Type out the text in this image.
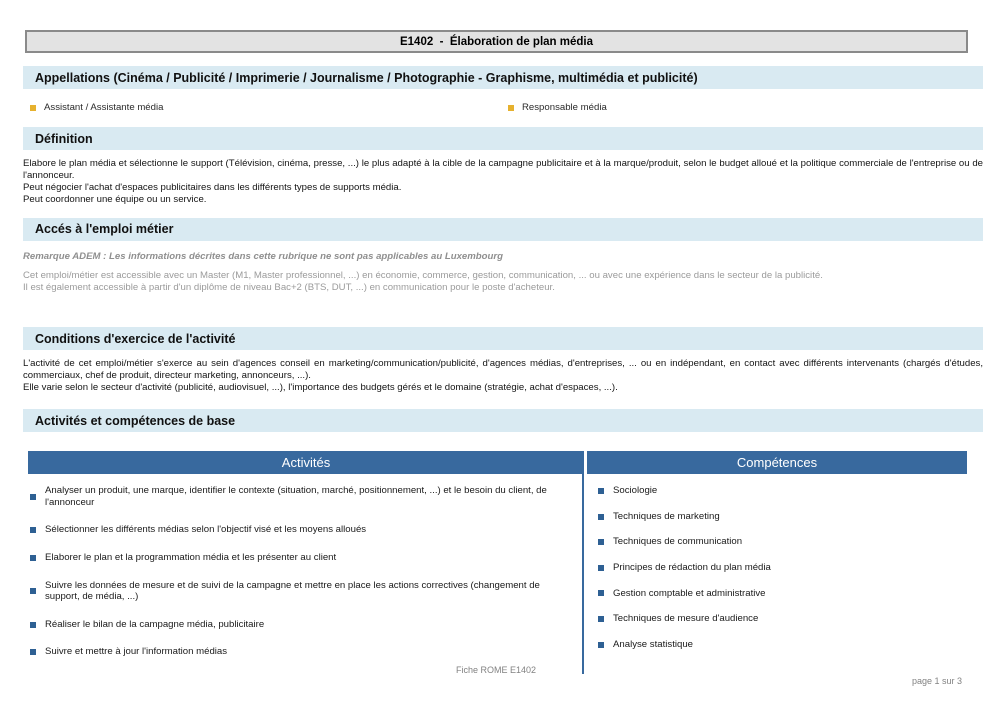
E1402  -  Élaboration de plan média
Appellations (Cinéma / Publicité / Imprimerie / Journalisme / Photographie - Graphisme, multimédia et publicité)
Assistant / Assistante média	Responsable média
Définition

Elabore le plan média et sélectionne le support (Télévision, cinéma, presse, ...) le plus adapté à la cible de la campagne publicitaire et à la marque/produit, selon le budget alloué et la politique commerciale de l'entreprise ou de l'annonceur.

Peut négocier l'achat d'espaces publicitaires dans les différents types de supports média.

Peut coordonner une équipe ou un service.

Accés à l'emploi métier
Remarque ADEM : Les informations décrites dans cette rubrique ne sont pas applicables au Luxembourg

Cet emploi/métier est accessible avec un Master (M1, Master professionnel, ...) en économie, commerce, gestion, communication, ... ou avec une expérience dans le secteur de la publicité.

Il est également accessible à partir d'un diplôme de niveau Bac+2 (BTS, DUT, ...) en communication pour le poste d'acheteur.

Conditions d'exercice de l'activité

L'activité de cet emploi/métier s'exerce au sein d'agences conseil en marketing/communication/publicité, d'agences médias, d'entreprises, ... ou en indépendant, en contact avec différents intervenants (chargés d'études, commerciaux, chef de produit, directeur marketing, annonceurs, ...).

Elle varie selon le secteur d'activité (publicité, audiovisuel, ...), l'importance des budgets gérés et le domaine (stratégie, achat d'espaces, ...).

Activités et compétences de base
Activités	Compétences
Analyser un produit, une marque, identifier le contexte (situation, marché, positionnement, ...) et le besoin du client, de l'annonceur
Sélectionner les différents médias selon l'objectif visé et les moyens alloués
Elaborer le plan et la programmation média et les présenter au client
Suivre les données de mesure et de suivi de la campagne et mettre en place les actions correctives (changement de support, de média, ...)
Réaliser le bilan de la campagne média, publicitaire
Suivre et mettre à jour l'information médias
Sociologie
Techniques de marketing
Techniques de communication
Principes de rédaction du plan média
Gestion comptable et administrative
Techniques de mesure d'audience
Analyse statistique
Fiche ROME E1402
page 1 sur 3
